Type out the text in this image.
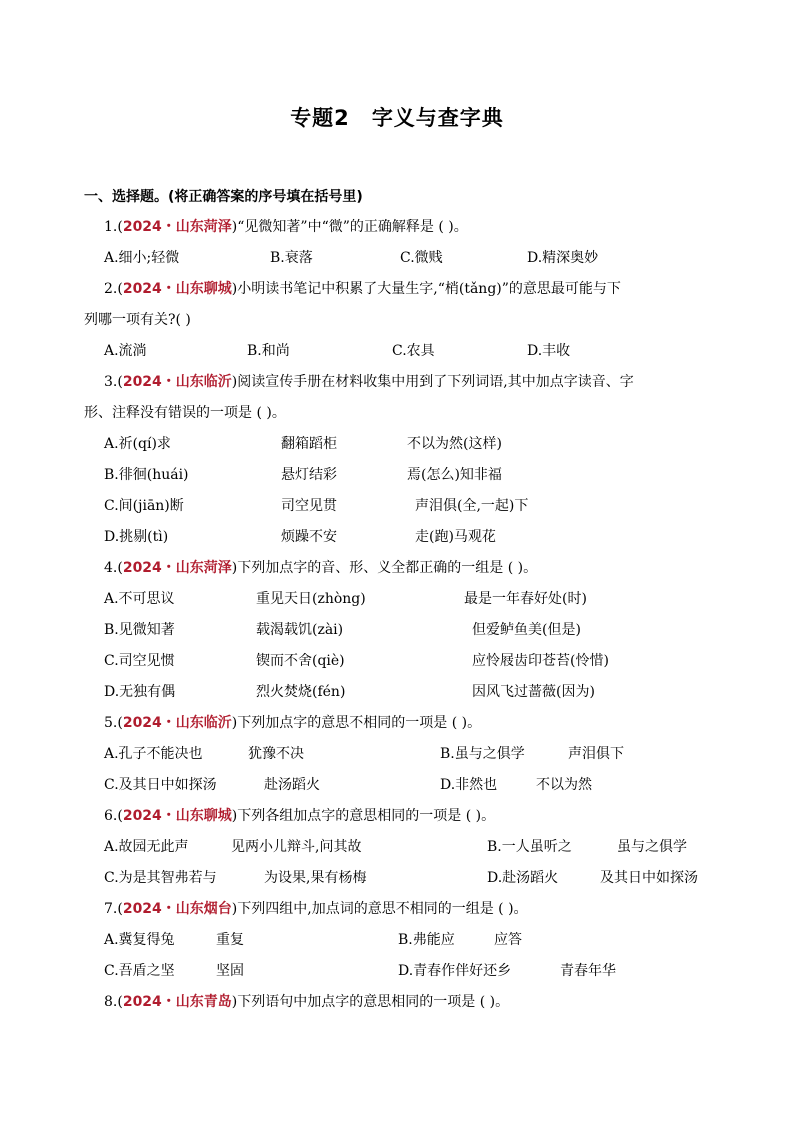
专题2 字义与查字典
一、选择题。(将正确答案的序号填在括号里)
1.(2024・山东菏泽)“见微知著”中“微”的正确解释是 ( )。
A.细小;轻微	B.衰落	C.微贱	D.精深奥妙
2.(2024・山东聊城)小明读书笔记中积累了大量生字,“梢(tǎng)”的意思最可能与下
列哪一项有关?( )
A.流淌	B.和尚	C.农具	D.丰收
3.(2024・山东临沂)阅读宣传手册在材料收集中用到了下列词语,其中加点字读音、字
形、注释没有错误的一项是 ( )。
A.祈(qí)求	翻箱蹈柜	不以为然(这样)
B.徘徊(huái)	悬灯结彩	焉(怎么)知非福
C.间(jiān)断	司空见贯	声泪俱(全,一起)下
D.挑剔(tì)	烦躁不安	走(跑)马观花
4.(2024・山东菏泽)下列加点字的音、形、义全都正确的一组是 ( )。
A.不可思议	重见天日(zhòng)	最是一年春好处(时)
B.见微知著	载渴载饥(zài)	但爱鲈鱼美(但是)
C.司空见惯	锲而不舍(qiè)	应怜屐齿印苍苔(怜惜)
D.无独有偶	烈火焚烧(fén)	因风飞过蔷薇(因为)
5.(2024・山东临沂)下列加点字的意思不相同的一项是 ( )。
A.孔子不能决也	犹豫不决	B.虽与之俱学	声泪俱下
C.及其日中如探汤	赴汤蹈火	D.非然也	不以为然
6.(2024・山东聊城)下列各组加点字的意思相同的一项是 ( )。
A.故园无此声	见两小儿辩斗,问其故	B.一人虽听之	虽与之俱学
C.为是其智弗若与	为设果,果有杨梅	D.赴汤蹈火	及其日中如探汤
7.(2024・山东烟台)下列四组中,加点词的意思不相同的一组是 ( )。
A.冀复得兔	重复	B.弗能应	应答
C.吾盾之坚	坚固	D.青春作伴好还乡	青春年华
8.(2024・山东青岛)下列语句中加点字的意思相同的一项是 ( )。
